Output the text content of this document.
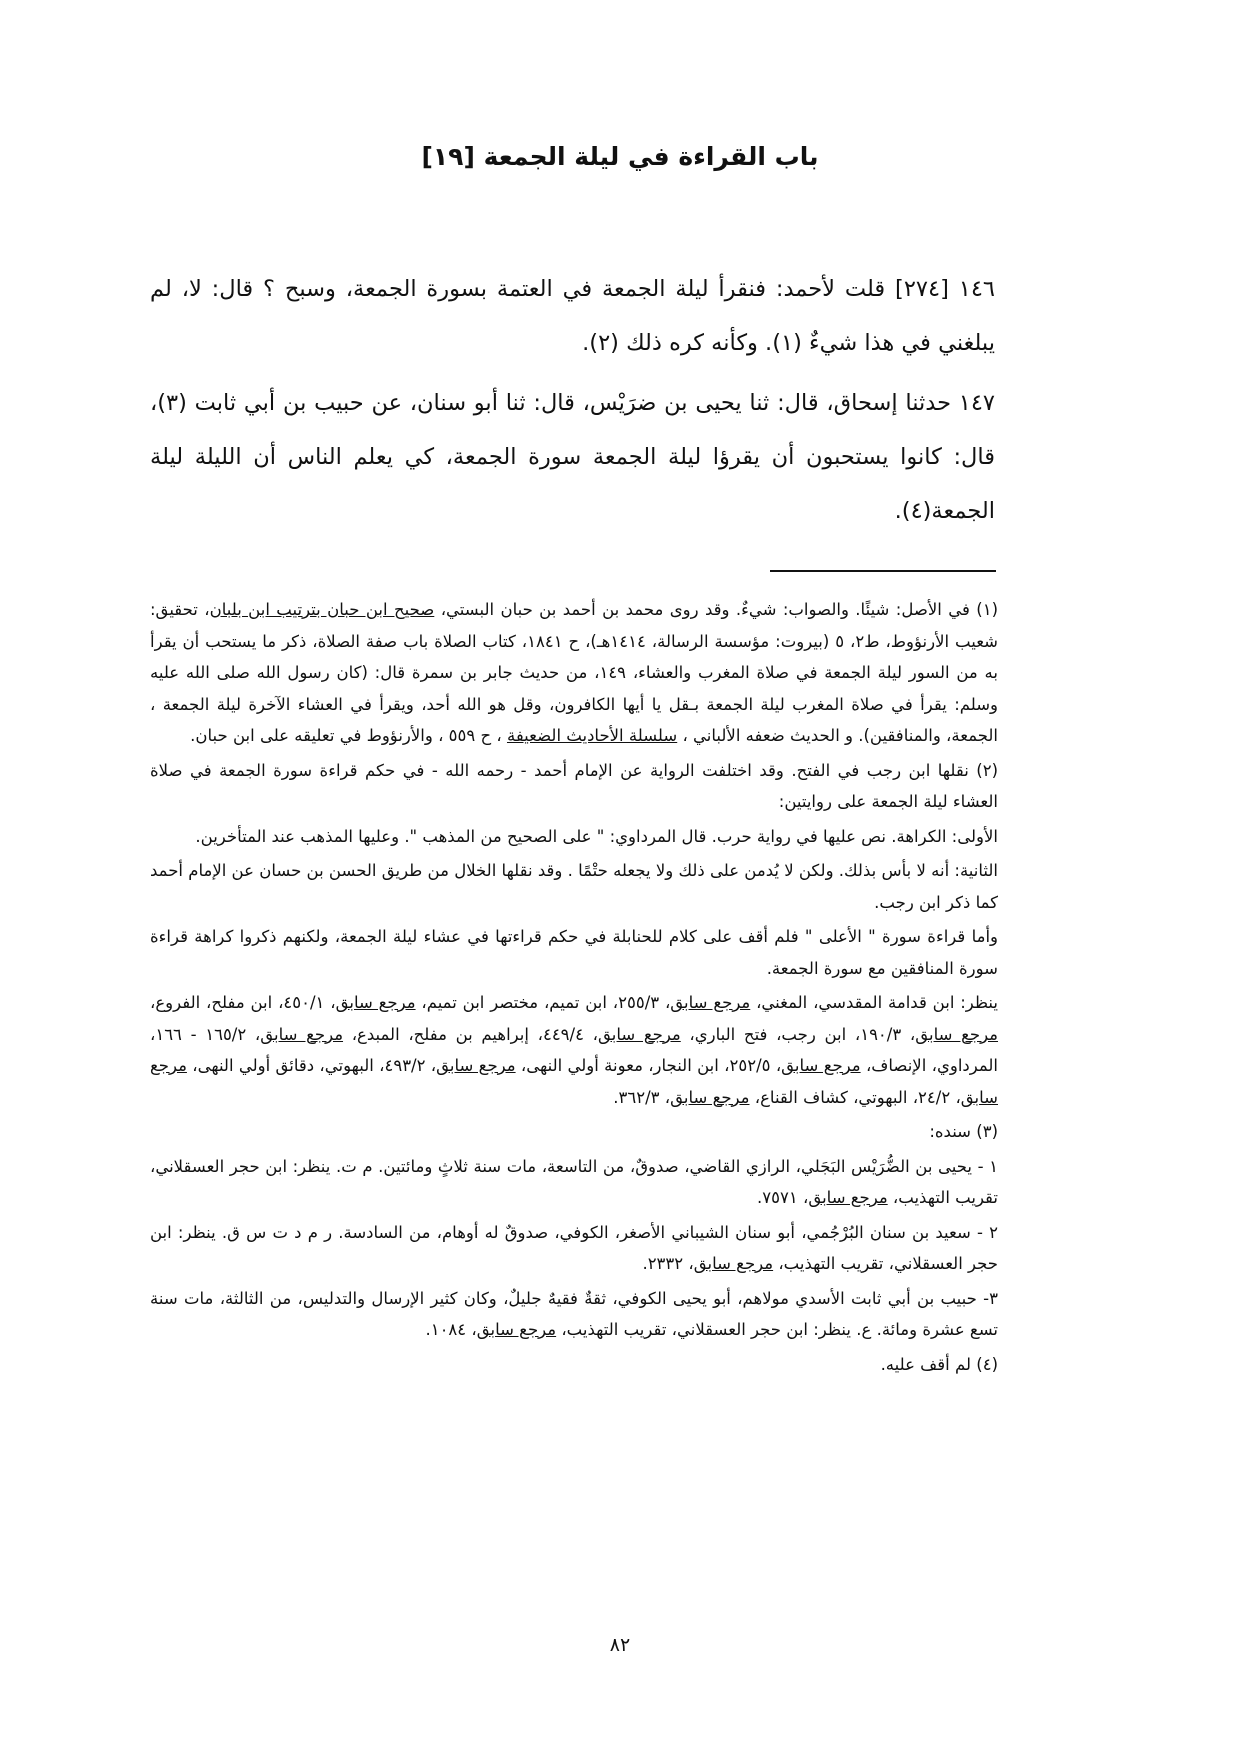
[١٩] باب القراءة في ليلة الجمعة

١٤٦ [٢٧٤] قلت لأحمد: فنقرأ ليلة الجمعة في العتمة بسورة الجمعة، وسبح ؟ قال: لا، لم يبلغني في هذا شيءٌ (١). وكأنه كره ذلك (٢).

١٤٧ حدثنا إسحاق، قال: ثنا يحيى بن ضرَيْس، قال: ثنا أبو سنان، عن حبيب بن أبي ثابت (٣)، قال: كانوا يستحبون أن يقرؤا ليلة الجمعة سورة الجمعة، كي يعلم الناس أن الليلة ليلة الجمعة(٤).

(١) في الأصل: شيئًا. والصواب: شيءٌ. وقد روى محمد بن أحمد بن حبان البستي، صحيح ابن حبان بترتيب ابن بلبان، تحقيق: شعيب الأرنؤوط، ط٢، ٥ (بيروت: مؤسسة الرسالة، ١٤١٤هـ)، ح ١٨٤١، كتاب الصلاة باب صفة الصلاة، ذكر ما يستحب أن يقرأ به من السور ليلة الجمعة في صلاة المغرب والعشاء، ١٤٩، من حديث جابر بن سمرة قال: (كان رسول الله صلى الله عليه وسلم: يقرأ في صلاة المغرب ليلة الجمعة بـقل يا أيها الكافرون، وقل هو الله أحد، ويقرأ في العشاء الآخرة ليلة الجمعة ، الجمعة، والمنافقين). و الحديث ضعفه الألباني ، سلسلة الأحاديث الضعيفة ، ح ٥٥٩ ، والأرنؤوط في تعليقه على ابن حبان.

(٢) نقلها ابن رجب في الفتح. وقد اختلفت الرواية عن الإمام أحمد - رحمه الله - في حكم قراءة سورة الجمعة في صلاة العشاء ليلة الجمعة على روايتين:

الأولى: الكراهة. نص عليها في رواية حرب. قال المرداوي: " على الصحيح من المذهب ". وعليها المذهب عند المتأخرين.

الثانية: أنه لا بأس بذلك. ولكن لا يُدمن على ذلك ولا يجعله حتْمًا . وقد نقلها الخلال من طريق الحسن بن حسان عن الإمام أحمد كما ذكر ابن رجب.

وأما قراءة سورة " الأعلى " فلم أقف على كلام للحنابلة في حكم قراءتها في عشاء ليلة الجمعة، ولكنهم ذكروا كراهة قراءة سورة المنافقين مع سورة الجمعة.

ينظر: ابن قدامة المقدسي، المغني، مرجع سابق، ٢٥٥/٣، ابن تميم، مختصر ابن تميم، مرجع سابق، ٤٥٠/١، ابن مفلح، الفروع، مرجع سابق، ١٩٠/٣، ابن رجب، فتح الباري، مرجع سابق، ٤٤٩/٤، إبراهيم بن مفلح، المبدع، مرجع سابق، ١٦٥/٢ - ١٦٦، المرداوي، الإنصاف، مرجع سابق، ٢٥٢/٥، ابن النجار، معونة أولي النهى، مرجع سابق، ٤٩٣/٢، البهوتي، دقائق أولي النهى، مرجع سابق، ٢٤/٢، البهوتي، كشاف القناع، مرجع سابق، ٣٦٢/٣.

(٣) سنده:

١ - يحيى بن الضُّرَيْس البَجَلي، الرازي القاضي، صدوقٌ، من التاسعة، مات سنة ثلاثٍ ومائتين. م ت. ينظر: ابن حجر العسقلاني، تقريب التهذيب، مرجع سابق، ٧٥٧١.

٢ - سعيد بن سنان البُرْجُمي، أبو سنان الشيباني الأصغر، الكوفي، صدوقٌ له أوهام، من السادسة. ر م د ت س ق. ينظر: ابن حجر العسقلاني، تقريب التهذيب، مرجع سابق، ٢٣٣٢.

٣- حبيب بن أبي ثابت الأسدي مولاهم، أبو يحيى الكوفي، ثقةٌ فقيهٌ جليلٌ، وكان كثير الإرسال والتدليس، من الثالثة، مات سنة تسع عشرة ومائة. ع. ينظر: ابن حجر العسقلاني، تقريب التهذيب، مرجع سابق، ١٠٨٤.

(٤) لم أقف عليه.

٨٢
